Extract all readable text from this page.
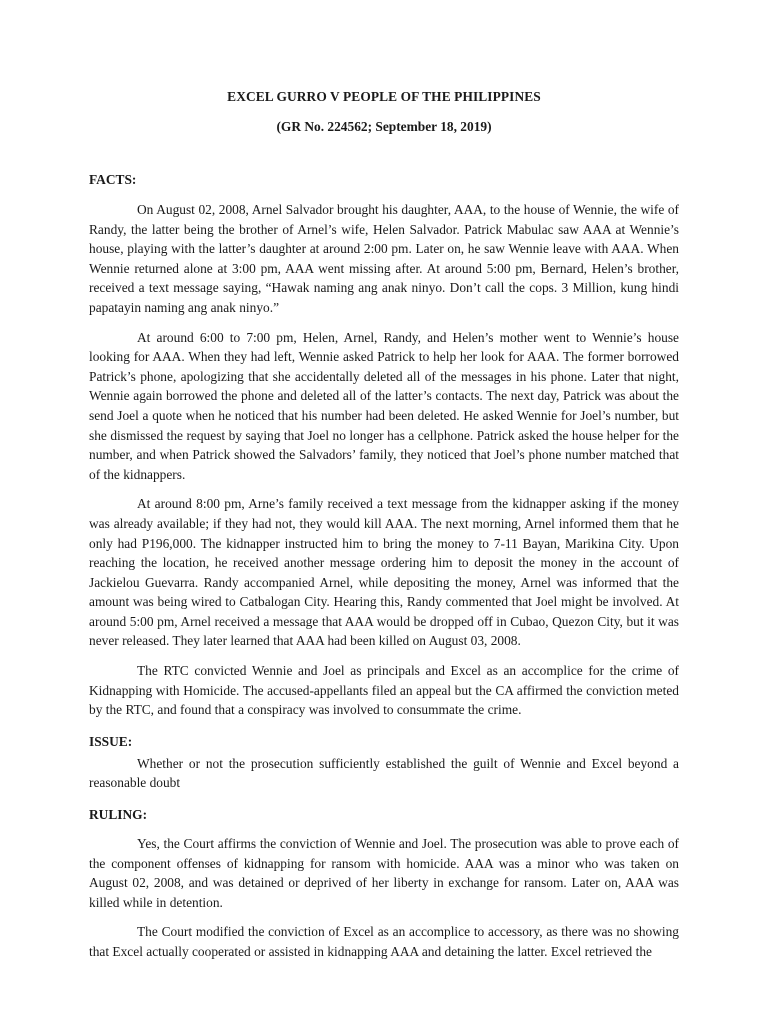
EXCEL GURRO V PEOPLE OF THE PHILIPPINES
(GR No. 224562; September 18, 2019)
FACTS:

On August 02, 2008, Arnel Salvador brought his daughter, AAA, to the house of Wennie, the wife of Randy, the latter being the brother of Arnel’s wife, Helen Salvador. Patrick Mabulac saw AAA at Wennie’s house, playing with the latter’s daughter at around 2:00 pm. Later on, he saw Wennie leave with AAA. When Wennie returned alone at 3:00 pm, AAA went missing after. At around 5:00 pm, Bernard, Helen’s brother, received a text message saying, “Hawak naming ang anak ninyo. Don’t call the cops. 3 Million, kung hindi papatayin naming ang anak ninyo.”

At around 6:00 to 7:00 pm, Helen, Arnel, Randy, and Helen’s mother went to Wennie’s house looking for AAA. When they had left, Wennie asked Patrick to help her look for AAA. The former borrowed Patrick’s phone, apologizing that she accidentally deleted all of the messages in his phone. Later that night, Wennie again borrowed the phone and deleted all of the latter’s contacts. The next day, Patrick was about the send Joel a quote when he noticed that his number had been deleted. He asked Wennie for Joel’s number, but she dismissed the request by saying that Joel no longer has a cellphone. Patrick asked the house helper for the number, and when Patrick showed the Salvadors’ family, they noticed that Joel’s phone number matched that of the kidnappers.

At around 8:00 pm, Arne’s family received a text message from the kidnapper asking if the money was already available; if they had not, they would kill AAA. The next morning, Arnel informed them that he only had P196,000. The kidnapper instructed him to bring the money to 7-11 Bayan, Marikina City. Upon reaching the location, he received another message ordering him to deposit the money in the account of Jackielou Guevarra. Randy accompanied Arnel, while depositing the money, Arnel was informed that the amount was being wired to Catbalogan City. Hearing this, Randy commented that Joel might be involved. At around 5:00 pm, Arnel received a message that AAA would be dropped off in Cubao, Quezon City, but it was never released. They later learned that AAA had been killed on August 03, 2008.

The RTC convicted Wennie and Joel as principals and Excel as an accomplice for the crime of Kidnapping with Homicide. The accused-appellants filed an appeal but the CA affirmed the conviction meted by the RTC, and found that a conspiracy was involved to consummate the crime.

ISSUE:

Whether or not the prosecution sufficiently established the guilt of Wennie and Excel beyond a reasonable doubt

RULING:

Yes, the Court affirms the conviction of Wennie and Joel. The prosecution was able to prove each of the component offenses of kidnapping for ransom with homicide. AAA was a minor who was taken on August 02, 2008, and was detained or deprived of her liberty in exchange for ransom. Later on, AAA was killed while in detention.

The Court modified the conviction of Excel as an accomplice to accessory, as there was no showing that Excel actually cooperated or assisted in kidnapping AAA and detaining the latter. Excel retrieved the
